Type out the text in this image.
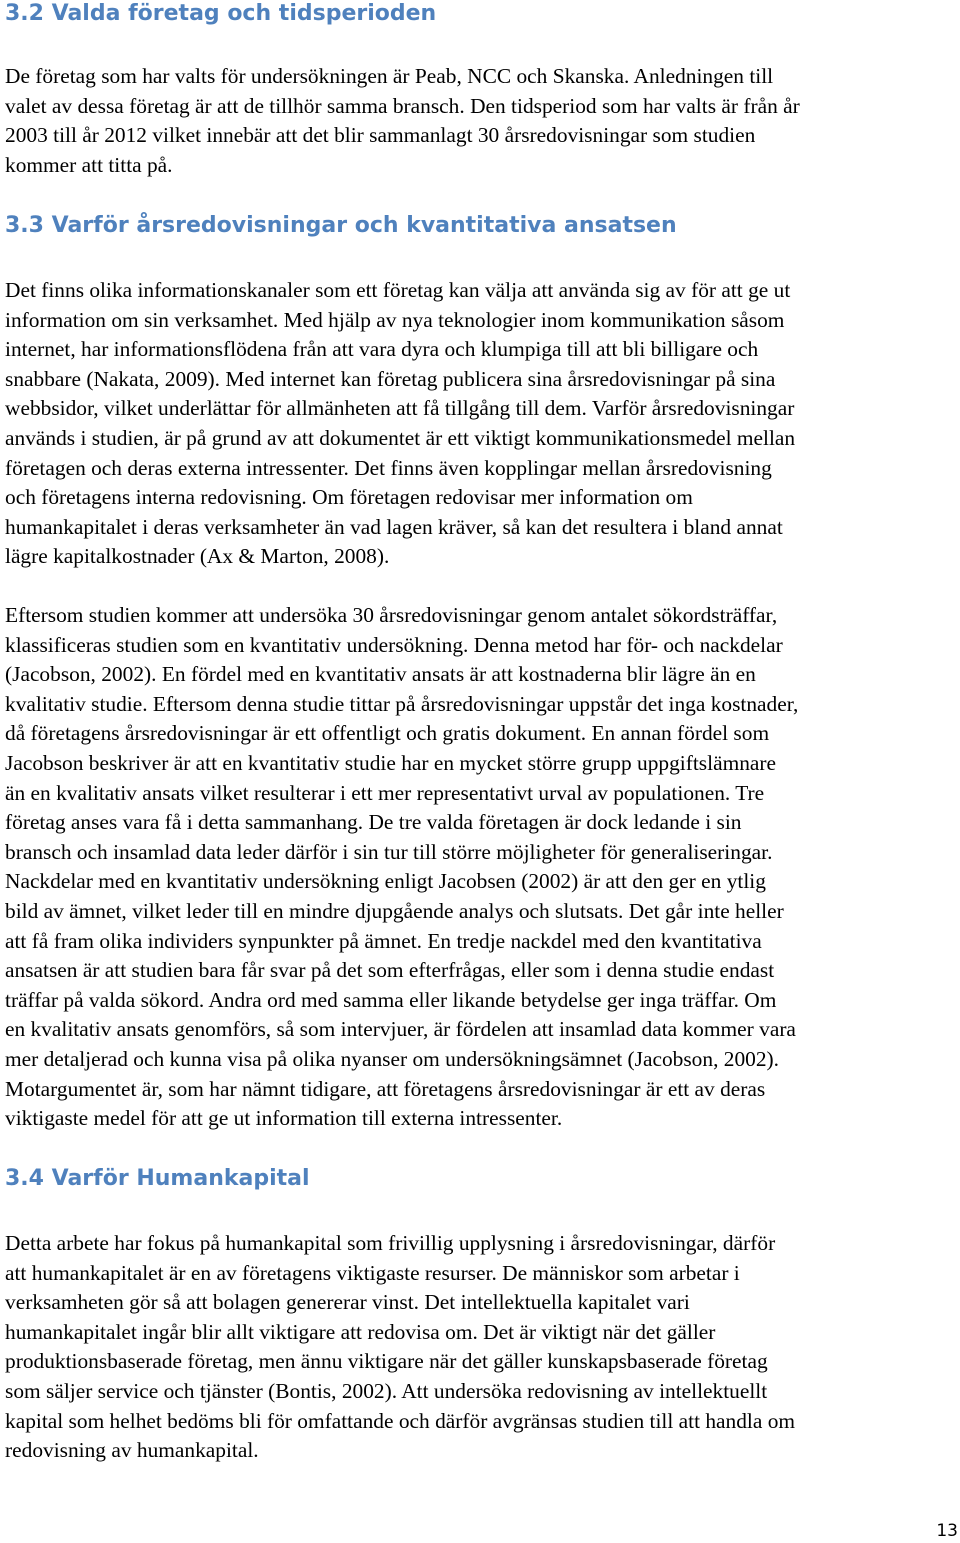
3.2 Valda företag och tidsperioden

De företag som har valts för undersökningen är Peab, NCC och Skanska. Anledningen till
valet av dessa företag är att de tillhör samma bransch. Den tidsperiod som har valts är från år
2003 till år 2012 vilket innebär att det blir sammanlagt 30 årsredovisningar som studien
kommer att titta på.

3.3 Varför årsredovisningar och kvantitativa ansatsen

Det finns olika informationskanaler som ett företag kan välja att använda sig av för att ge ut
information om sin verksamhet. Med hjälp av nya teknologier inom kommunikation såsom
internet, har informationsflödena från att vara dyra och klumpiga till att bli billigare och
snabbare (Nakata, 2009). Med internet kan företag publicera sina årsredovisningar på sina
webbsidor, vilket underlättar för allmänheten att få tillgång till dem. Varför årsredovisningar
används i studien, är på grund av att dokumentet är ett viktigt kommunikationsmedel mellan
företagen och deras externa intressenter. Det finns även kopplingar mellan årsredovisning
och företagens interna redovisning. Om företagen redovisar mer information om
humankapitalet i deras verksamheter än vad lagen kräver, så kan det resultera i bland annat
lägre kapitalkostnader (Ax & Marton, 2008).

Eftersom studien kommer att undersöka 30 årsredovisningar genom antalet sökordsträffar,
klassificeras studien som en kvantitativ undersökning. Denna metod har för- och nackdelar
(Jacobson, 2002). En fördel med en kvantitativ ansats är att kostnaderna blir lägre än en
kvalitativ studie. Eftersom denna studie tittar på årsredovisningar uppstår det inga kostnader,
då företagens årsredovisningar är ett offentligt och gratis dokument. En annan fördel som
Jacobson beskriver är att en kvantitativ studie har en mycket större grupp uppgiftslämnare
än en kvalitativ ansats vilket resulterar i ett mer representativt urval av populationen. Tre
företag anses vara få i detta sammanhang. De tre valda företagen är dock ledande i sin
bransch och insamlad data leder därför i sin tur till större möjligheter för generaliseringar.
Nackdelar med en kvantitativ undersökning enligt Jacobsen (2002) är att den ger en ytlig
bild av ämnet, vilket leder till en mindre djupgående analys och slutsats. Det går inte heller
att få fram olika individers synpunkter på ämnet. En tredje nackdel med den kvantitativa
ansatsen är att studien bara får svar på det som efterfrågas, eller som i denna studie endast
träffar på valda sökord. Andra ord med samma eller likande betydelse ger inga träffar. Om
en kvalitativ ansats genomförs, så som intervjuer, är fördelen att insamlad data kommer vara
mer detaljerad och kunna visa på olika nyanser om undersökningsämnet (Jacobson, 2002).
Motargumentet är, som har nämnt tidigare, att företagens årsredovisningar är ett av deras
viktigaste medel för att ge ut information till externa intressenter.

3.4 Varför Humankapital

Detta arbete har fokus på humankapital som frivillig upplysning i årsredovisningar, därför
att humankapitalet är en av företagens viktigaste resurser. De människor som arbetar i
verksamheten gör så att bolagen genererar vinst. Det intellektuella kapitalet vari
humankapitalet ingår blir allt viktigare att redovisa om. Det är viktigt när det gäller
produktionsbaserade företag, men ännu viktigare när det gäller kunskapsbaserade företag
som säljer service och tjänster (Bontis, 2002). Att undersöka redovisning av intellektuellt
kapital som helhet bedöms bli för omfattande och därför avgränsas studien till att handla om
redovisning av humankapital.

13
